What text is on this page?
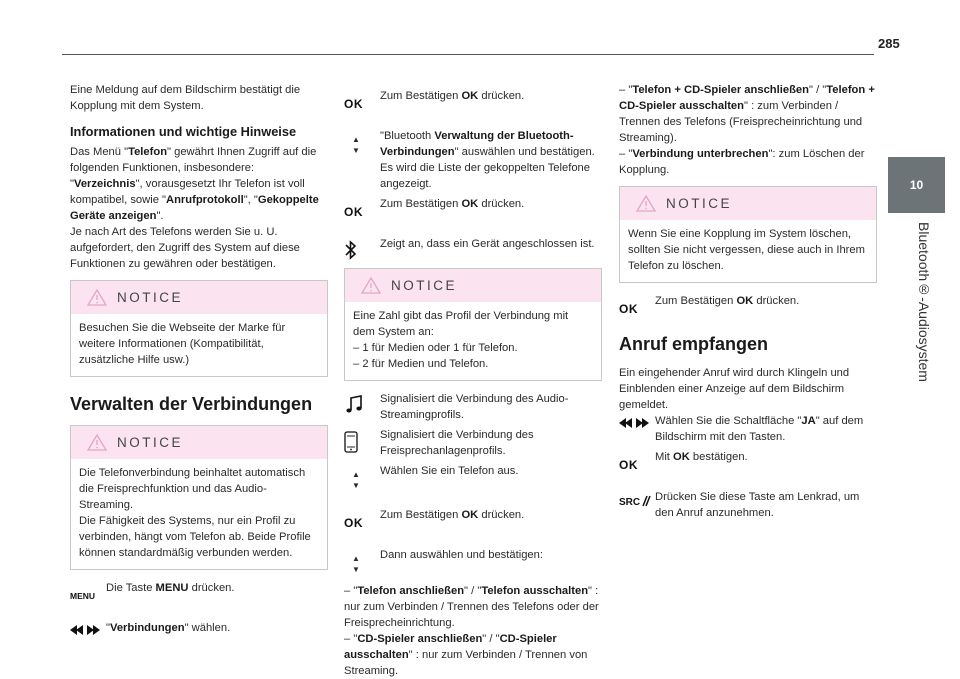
285
10
Bluetooth®-Audiosystem

Eine Meldung auf dem Bildschirm bestätigt die Kopplung mit dem System.

Informationen und wichtige Hinweise

Das Menü "Telefon" gewährt Ihnen Zugriff auf die folgenden Funktionen, insbesondere: "Verzeichnis", vorausgesetzt Ihr Telefon ist voll kompatibel, sowie "Anrufprotokoll", "Gekoppelte Geräte anzeigen".

Je nach Art des Telefons werden Sie u. U. aufgefordert, den Zugriff des System auf diese Funktionen zu gewähren oder bestätigen.

NOTICE
Besuchen Sie die Webseite der Marke für weitere Informationen (Kompatibilität, zusätzliche Hilfe usw.)
Verwalten der Verbindungen
NOTICE

Die Telefonverbindung beinhaltet automatisch die Freisprechfunktion und das Audio-Streaming.

Die Fähigkeit des Systems, nur ein Profil zu verbinden, hängt vom Telefon ab. Beide Profile können standardmäßig verbunden werden.

MENU
Die Taste MENU drücken.
"Verbindungen" wählen.
OK
Zum Bestätigen OK drücken.
▲
▼
"Bluetooth Verwaltung der Bluetooth-Verbindungen" auswählen und bestätigen. Es wird die Liste der gekoppelten Telefone angezeigt.
OK
Zum Bestätigen OK drücken.
Zeigt an, dass ein Gerät angeschlossen ist.
NOTICE

Eine Zahl gibt das Profil der Verbindung mit dem System an:

– 1 für Medien oder 1 für Telefon.

– 2 für Medien und Telefon.

Signalisiert die Verbindung des Audio-Streamingprofils.
Signalisiert die Verbindung des Freisprechanlagenprofils.
▲
▼
Wählen Sie ein Telefon aus.
OK
Zum Bestätigen OK drücken.
▲
▼
Dann auswählen und bestätigen:

– "Telefon anschließen" / "Telefon ausschalten" : nur zum Verbinden / Trennen des Telefons oder der Freisprecheinrichtung.

– "CD-Spieler anschließen" / "CD-Spieler ausschalten" : nur zum Verbinden / Trennen von Streaming.

– "Telefon + CD-Spieler anschließen" / "Telefon + CD-Spieler ausschalten" : zum Verbinden / Trennen des Telefons (Freisprecheinrichtung und Streaming).

– "Verbindung unterbrechen": zum Löschen der Kopplung.

NOTICE
Wenn Sie eine Kopplung im System löschen, sollten Sie nicht vergessen, diese auch in Ihrem Telefon zu löschen.
OK
Zum Bestätigen OK drücken.
Anruf empfangen

Ein eingehender Anruf wird durch Klingeln und Einblenden einer Anzeige auf dem Bildschirm gemeldet.

Wählen Sie die Schaltfläche "JA" auf dem Bildschirm mit den Tasten.
OK
Mit OK bestätigen.
SRC Drücken Sie diese Taste am Lenkrad, um den Anruf anzunehmen.
